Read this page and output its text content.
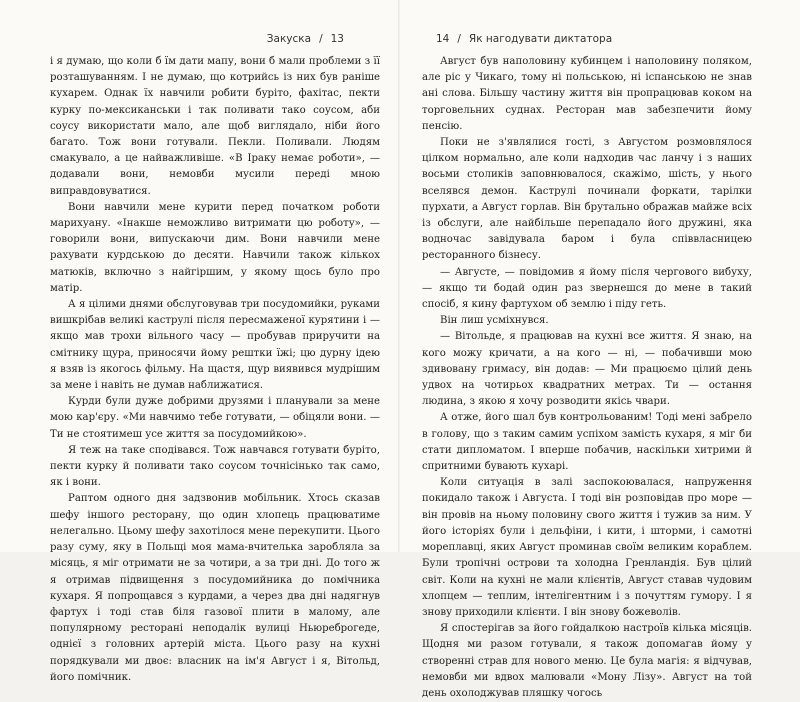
Закуска / 13

і я думаю, що коли б їм дати мапу, вони б мали проблеми з її розташуванням. І не думаю, що котрийсь із них був раніше кухарем. Однак їх навчили робити буріто, фахітас, пекти курку по-мексиканськи і так поливати тако соусом, аби соусу використати мало, але щоб виглядало, ніби його багато. Тож вони готували. Пекли. Поливали. Людям смакувало, а це найважливіше. «В Іраку немає роботи», — додавали вони, немовби мусили переді мною виправдовуватися.

Вони навчили мене курити перед початком роботи марихуану. «Інакше неможливо витримати цю роботу», — говорили вони, випускаючи дим. Вони навчили мене рахувати курдською до десяти. Навчили також кількох матюків, включно з найгіршим, у якому щось було про матір.

А я цілими днями обслуговував три посудомийки, руками вишкрібав великі каструлі після пересмаженої курятини і — якщо мав трохи вільного часу — пробував приручити на смітнику щура, приносячи йому рештки їжі; цю дурну ідею я взяв із якогось фільму. На щастя, щур виявився мудрішим за мене і навіть не думав наближатися.

Курди були дуже добрими друзями і планували за мене мою кар'єру. «Ми навчимо тебе готувати, — обіцяли вони. — Ти не стоятимеш усе життя за посудомийкою».

Я теж на таке сподівався. Тож навчався готувати буріто, пекти курку й поливати тако соусом точнісінько так само, як і вони.

Раптом одного дня задзвонив мобільник. Хтось сказав шефу іншого ресторану, що один хлопець працюватиме нелегально. Цьому шефу захотілося мене перекупити. Цього разу суму, яку в Польщі моя мама-вчителька заробляла за місяць, я міг отримати не за чотири, а за три дні. До того ж я отримав підвищення з посудомийника до помічника кухаря. Я попрощався з курдами, а через два дні надягнув фартух і тоді став біля газової плити в малому, але популярному ресторані неподалік вулиці Ньюреброгеде, однієї з головних артерій міста. Цього разу на кухні порядкували ми двоє: власник на ім'я Август і я, Вітольд, його помічник.

14 / Як нагодувати диктатора

Август був наполовину кубинцем і наполовину поляком, але ріс у Чикаго, тому ні польською, ні іспанською не знав ані слова. Більшу частину життя він пропрацював коком на торговельних суднах. Ресторан мав забезпечити йому пенсію.

Поки не з'являлися гості, з Августом розмовлялося цілком нормально, але коли надходив час ланчу і з наших восьми столиків заповнювалося, скажімо, шість, у нього вселявся демон. Каструлі починали форкати, тарілки пурхати, а Август горлав. Він брутально ображав майже всіх із обслуги, але найбільше перепадало його дружині, яка водночас завідувала баром і була співвласницею ресторанного бізнесу.

— Августе, — повідомив я йому після чергового вибуху, — якщо ти бодай один раз звернешся до мене в такий спосіб, я кину фартухом об землю і піду геть.

Він лиш усміхнувся.

— Вітольде, я працював на кухні все життя. Я знаю, на кого можу кричати, а на кого — ні, — побачивши мою здивовану гримасу, він додав: — Ми працюємо цілий день удвох на чотирьох квадратних метрах. Ти — остання людина, з якою я хочу розводити якісь чвари.

А отже, його шал був контрольованим! Тоді мені забрело в голову, що з таким самим успіхом замість кухаря, я міг би стати дипломатом. І вперше побачив, наскільки хитрими й спритними бувають кухарі.

Коли ситуація в залі заспокоювалася, напруження покидало також і Августа. І тоді він розповідав про море — він провів на ньому половину свого життя і тужив за ним. У його історіях були і дельфіни, і кити, і шторми, і самотні мореплавці, яких Август проминав своїм великим кораблем. Були тропічні острови та холодна Гренландія. Був цілий світ. Коли на кухні не мали клієнтів, Август ставав чудовим хлопцем — теплим, інтелігентним і з почуттям гумору. І я знову приходили клієнти. І він знову божеволів.

Я спостерігав за його гойдалкою настроїв кілька місяців. Щодня ми разом готували, я також допомагав йому у створенні страв для нового меню. Це була магія: я відчував, немовби ми вдвох малювали «Мону Лізу». Август на той день охолоджував пляшку чогось
